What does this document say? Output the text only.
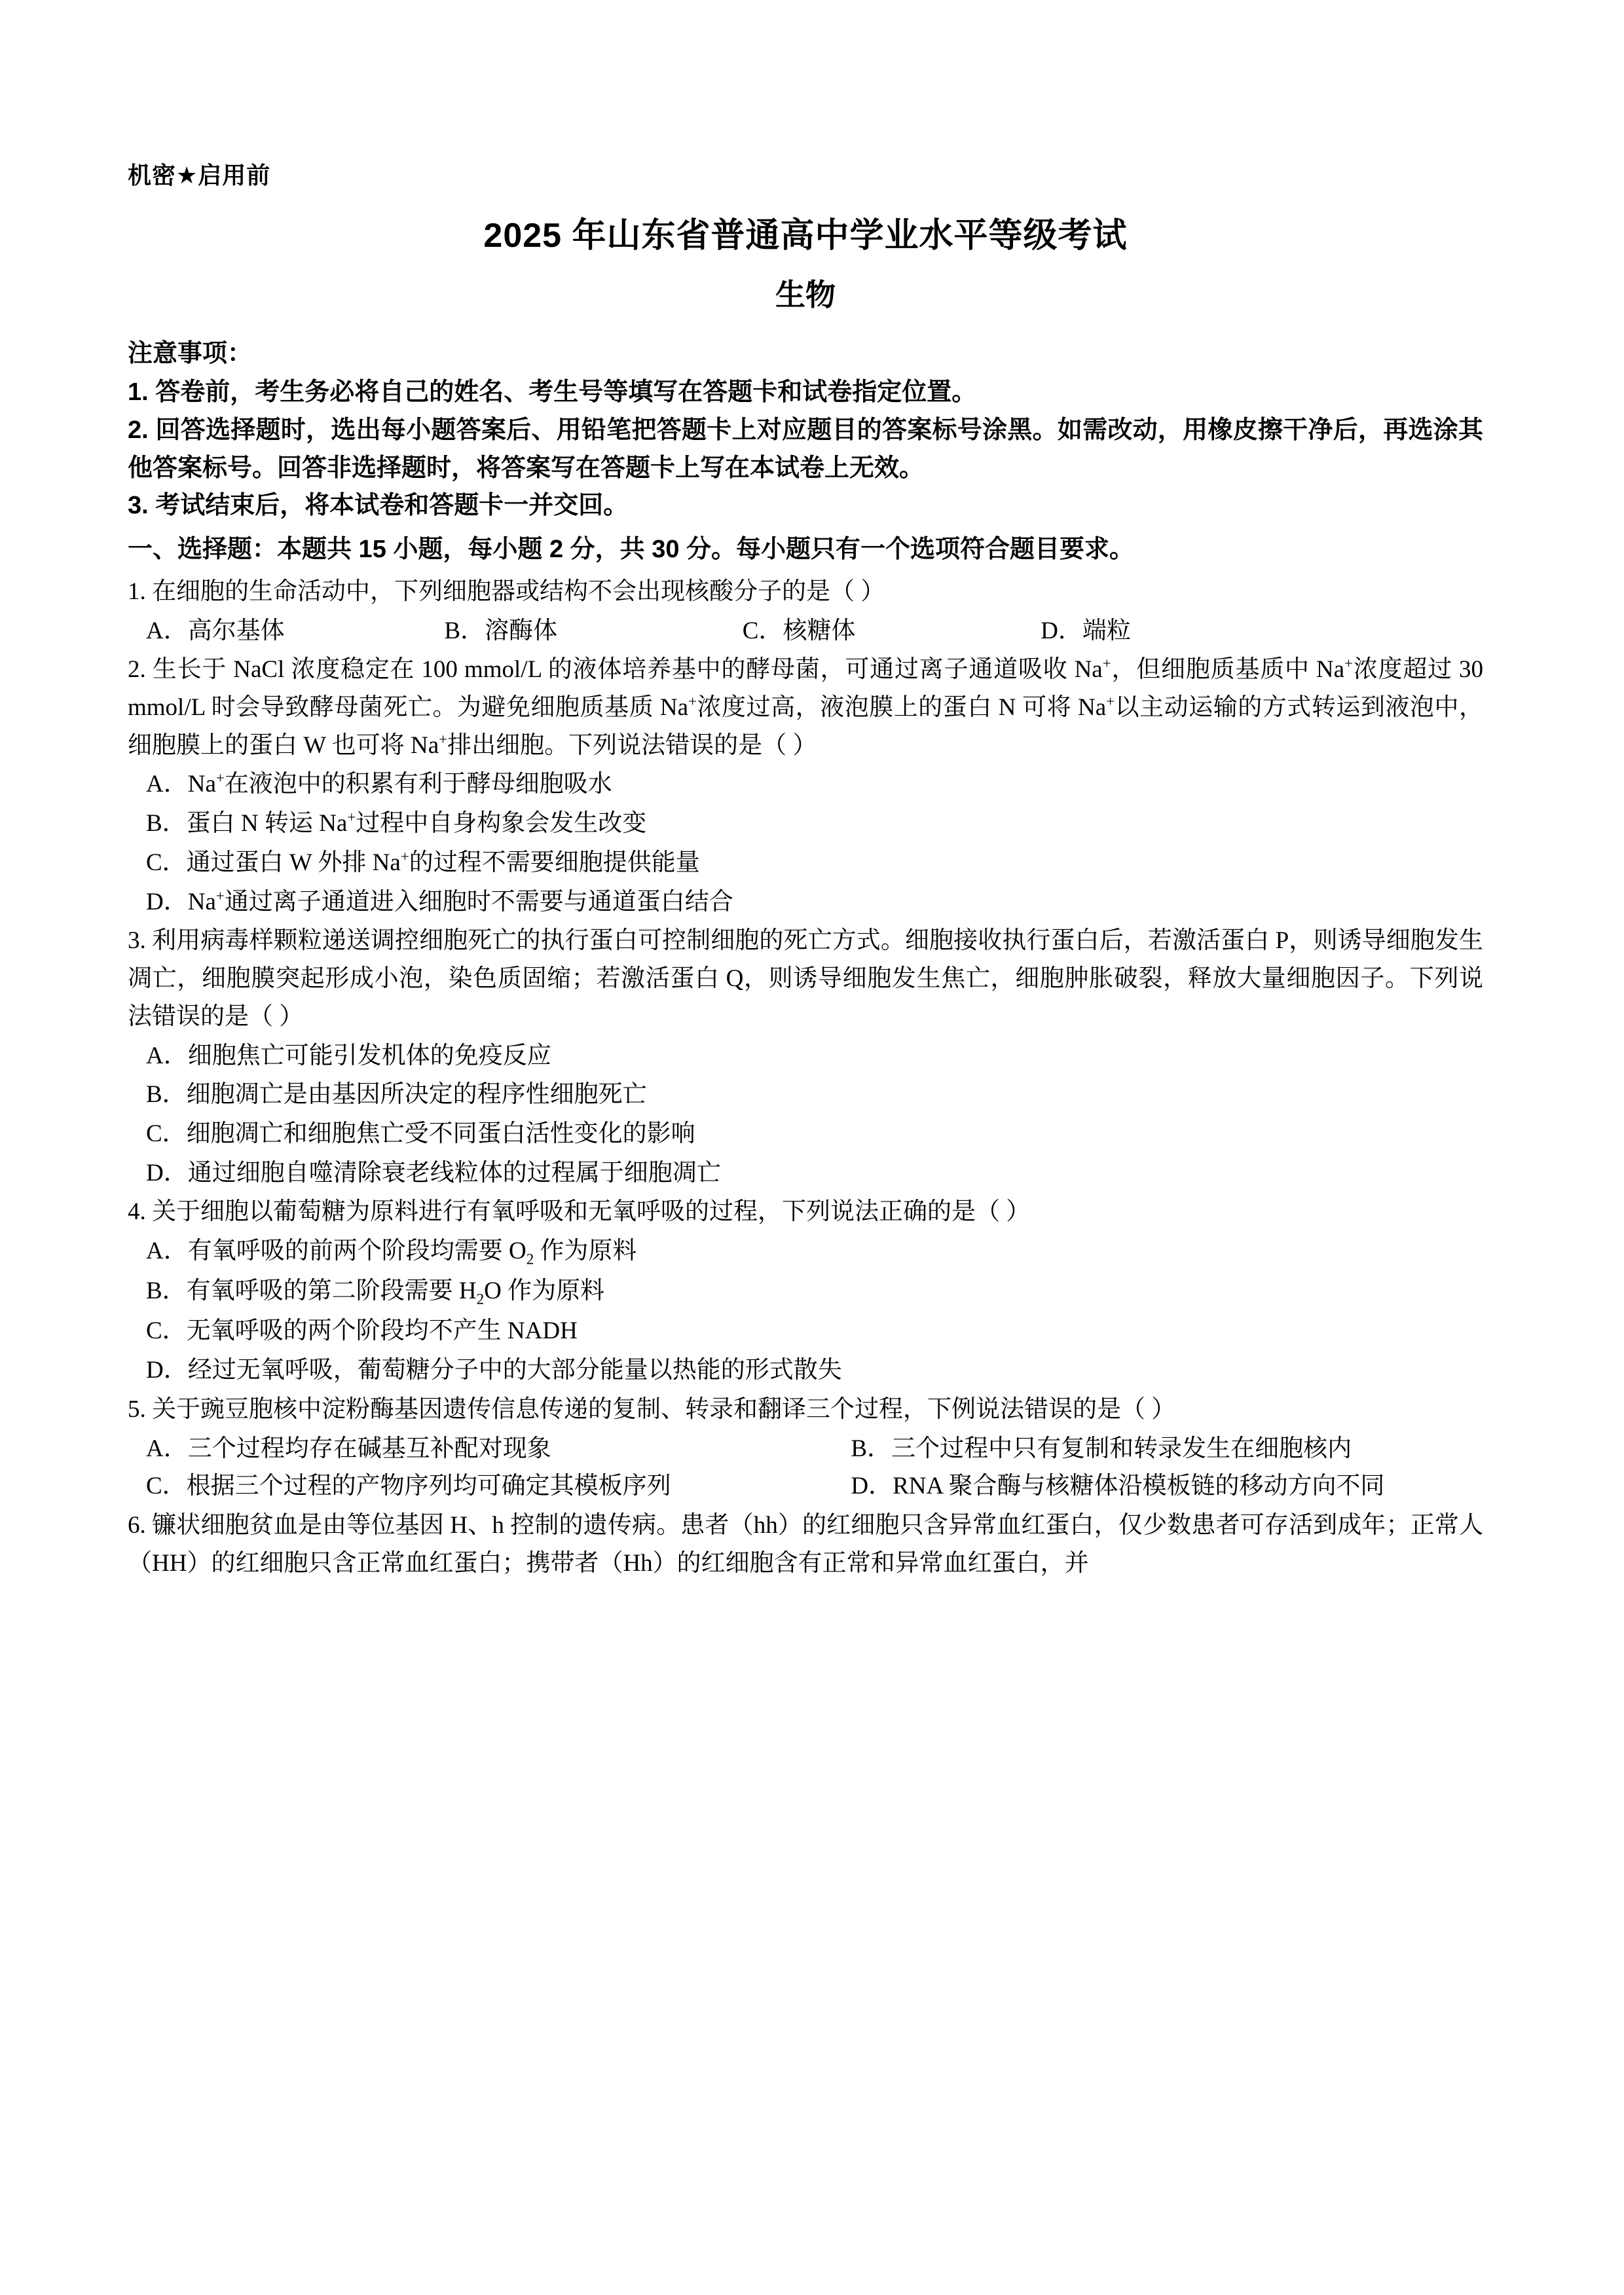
机密★启用前
2025 年山东省普通高中学业水平等级考试
生物
注意事项：
1. 答卷前，考生务必将自己的姓名、考生号等填写在答题卡和试卷指定位置。
2. 回答选择题时，选出每小题答案后、用铅笔把答题卡上对应题目的答案标号涂黑。如需改动，用橡皮擦干净后，再选涂其他答案标号。回答非选择题时，将答案写在答题卡上写在本试卷上无效。
3. 考试结束后，将本试卷和答题卡一并交回。
一、选择题：本题共 15 小题，每小题 2 分，共 30 分。每小题只有一个选项符合题目要求。
1. 在细胞的生命活动中，下列细胞器或结构不会出现核酸分子的是（ ）
A．高尔基体	B．溶酶体	C．核糖体	D．端粒
2. 生长于 NaCl 浓度稳定在 100 mmol/L 的液体培养基中的酵母菌，可通过离子通道吸收 Na+，但细胞质基质中 Na+浓度超过 30 mmol/L 时会导致酵母菌死亡。为避免细胞质基质 Na+浓度过高，液泡膜上的蛋白 N 可将 Na+以主动运输的方式转运到液泡中，细胞膜上的蛋白 W 也可将 Na+排出细胞。下列说法错误的是（ ）
A．Na+在液泡中的积累有利于酵母细胞吸水
B．蛋白 N 转运 Na+过程中自身构象会发生改变
C．通过蛋白 W 外排 Na+的过程不需要细胞提供能量
D．Na+通过离子通道进入细胞时不需要与通道蛋白结合
3. 利用病毒样颗粒递送调控细胞死亡的执行蛋白可控制细胞的死亡方式。细胞接收执行蛋白后，若激活蛋白 P，则诱导细胞发生凋亡，细胞膜突起形成小泡，染色质固缩；若激活蛋白 Q，则诱导细胞发生焦亡，细胞肿胀破裂，释放大量细胞因子。下列说法错误的是（ ）
A．细胞焦亡可能引发机体的免疫反应
B．细胞凋亡是由基因所决定的程序性细胞死亡
C．细胞凋亡和细胞焦亡受不同蛋白活性变化的影响
D．通过细胞自噬清除衰老线粒体的过程属于细胞凋亡
4. 关于细胞以葡萄糖为原料进行有氧呼吸和无氧呼吸的过程，下列说法正确的是（ ）
A．有氧呼吸的前两个阶段均需要 $O_2$ 作为原料
B．有氧呼吸的第二阶段需要 $H_2O$ 作为原料
C．无氧呼吸的两个阶段均不产生 NADH
D．经过无氧呼吸，葡萄糖分子中的大部分能量以热能的形式散失
5. 关于豌豆胞核中淀粉酶基因遗传信息传递的复制、转录和翻译三个过程，下例说法错误的是（ ）
A．三个过程均存在碱基互补配对现象	B．三个过程中只有复制和转录发生在细胞核内
C．根据三个过程的产物序列均可确定其模板序列	D．RNA 聚合酶与核糖体沿模板链的移动方向不同
6. 镰状细胞贫血是由等位基因 H、h 控制的遗传病。患者（hh）的红细胞只含异常血红蛋白，仅少数患者可存活到成年；正常人（HH）的红细胞只含正常血红蛋白；携带者（Hh）的红细胞含有正常和异常血红蛋白，并
